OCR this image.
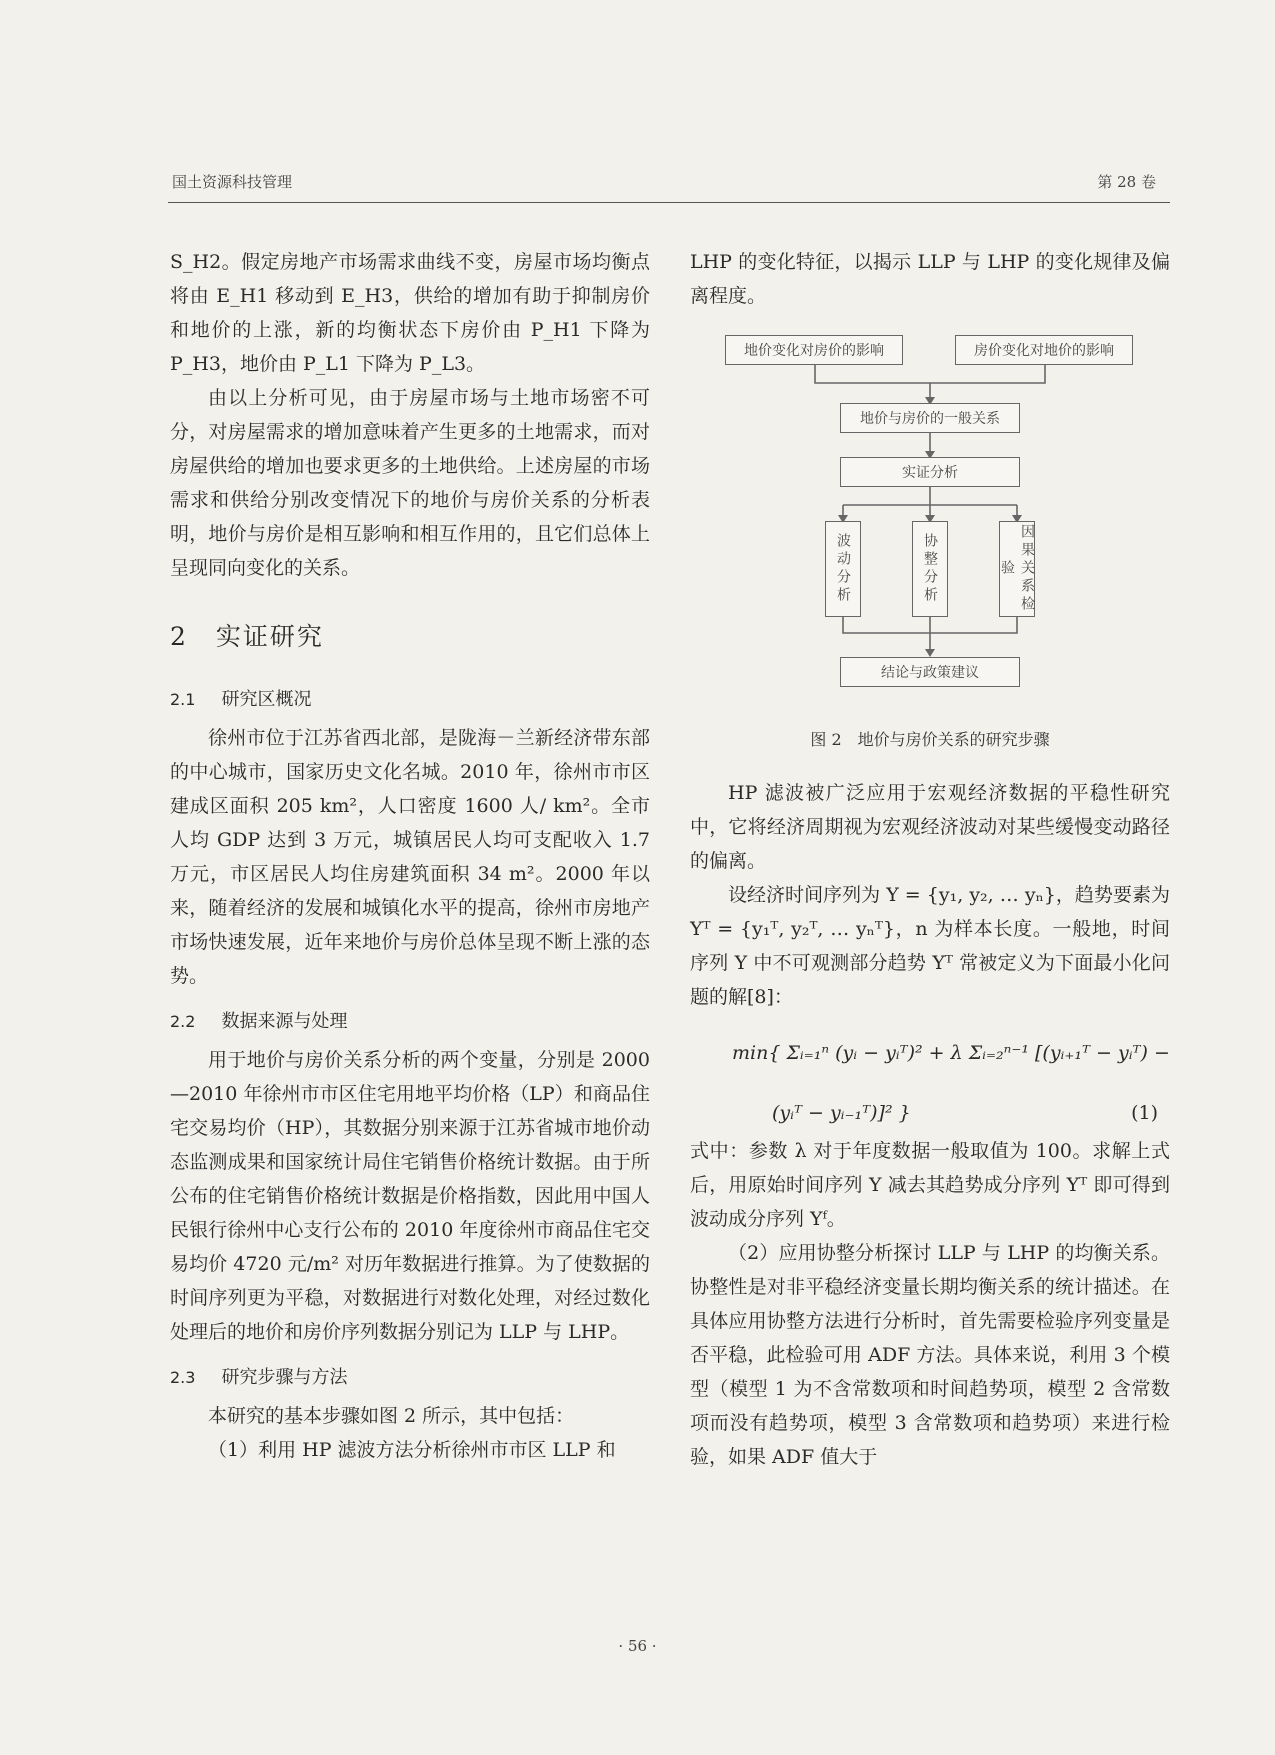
国土资源科技管理	第 28 卷

S_H2。假定房地产市场需求曲线不变，房屋市场均衡点将由 E_H1 移动到 E_H3，供给的增加有助于抑制房价和地价的上涨，新的均衡状态下房价由 P_H1 下降为 P_H3，地价由 P_L1 下降为 P_L3。

由以上分析可见，由于房屋市场与土地市场密不可分，对房屋需求的增加意味着产生更多的土地需求，而对房屋供给的增加也要求更多的土地供给。上述房屋的市场需求和供给分别改变情况下的地价与房价关系的分析表明，地价与房价是相互影响和相互作用的，且它们总体上呈现同向变化的关系。

2 实证研究
2.1 研究区概况

徐州市位于江苏省西北部，是陇海－兰新经济带东部的中心城市，国家历史文化名城。2010 年，徐州市市区建成区面积 205 km²，人口密度 1600 人/ km²。全市人均 GDP 达到 3 万元，城镇居民人均可支配收入 1.7 万元，市区居民人均住房建筑面积 34 m²。2000 年以来，随着经济的发展和城镇化水平的提高，徐州市房地产市场快速发展，近年来地价与房价总体呈现不断上涨的态势。

2.2 数据来源与处理

用于地价与房价关系分析的两个变量，分别是 2000—2010 年徐州市市区住宅用地平均价格（LP）和商品住宅交易均价（HP），其数据分别来源于江苏省城市地价动态监测成果和国家统计局住宅销售价格统计数据。由于所公布的住宅销售价格统计数据是价格指数，因此用中国人民银行徐州中心支行公布的 2010 年度徐州市商品住宅交易均价 4720 元/m² 对历年数据进行推算。为了使数据的时间序列更为平稳，对数据进行对数化处理，对经过数化处理后的地价和房价序列数据分别记为 LLP 与 LHP。

2.3 研究步骤与方法

本研究的基本步骤如图 2 所示，其中包括：

（1）利用 HP 滤波方法分析徐州市市区 LLP 和

LHP 的变化特征，以揭示 LLP 与 LHP 的变化规律及偏离程度。

地价变化对房价的影响	房价变化对地价的影响
地价与房价的一般关系
实证分析
波动分析	协整分析	因果关系检验
结论与政策建议
图 2　地价与房价关系的研究步骤

HP 滤波被广泛应用于宏观经济数据的平稳性研究中，它将经济周期视为宏观经济波动对某些缓慢变动路径的偏离。

设经济时间序列为 Y = {y₁, y₂, … yₙ}，趋势要素为 Yᵀ = {y₁ᵀ, y₂ᵀ, … yₙᵀ}，n 为样本长度。一般地，时间序列 Y 中不可观测部分趋势 Yᵀ 常被定义为下面最小化问题的解[8]：

min{ Σᵢ₌₁ⁿ (yᵢ − yᵢᵀ)² + λ Σᵢ₌₂ⁿ⁻¹ [(yᵢ₊₁ᵀ − yᵢᵀ) −
(yᵢᵀ − yᵢ₋₁ᵀ)]² }	(1)

式中：参数 λ 对于年度数据一般取值为 100。求解上式后，用原始时间序列 Y 减去其趋势成分序列 Yᵀ 即可得到波动成分序列 Yᶠ。

（2）应用协整分析探讨 LLP 与 LHP 的均衡关系。协整性是对非平稳经济变量长期均衡关系的统计描述。在具体应用协整方法进行分析时，首先需要检验序列变量是否平稳，此检验可用 ADF 方法。具体来说，利用 3 个模型（模型 1 为不含常数项和时间趋势项，模型 2 含常数项而没有趋势项，模型 3 含常数项和趋势项）来进行检验，如果 ADF 值大于

· 56 ·
